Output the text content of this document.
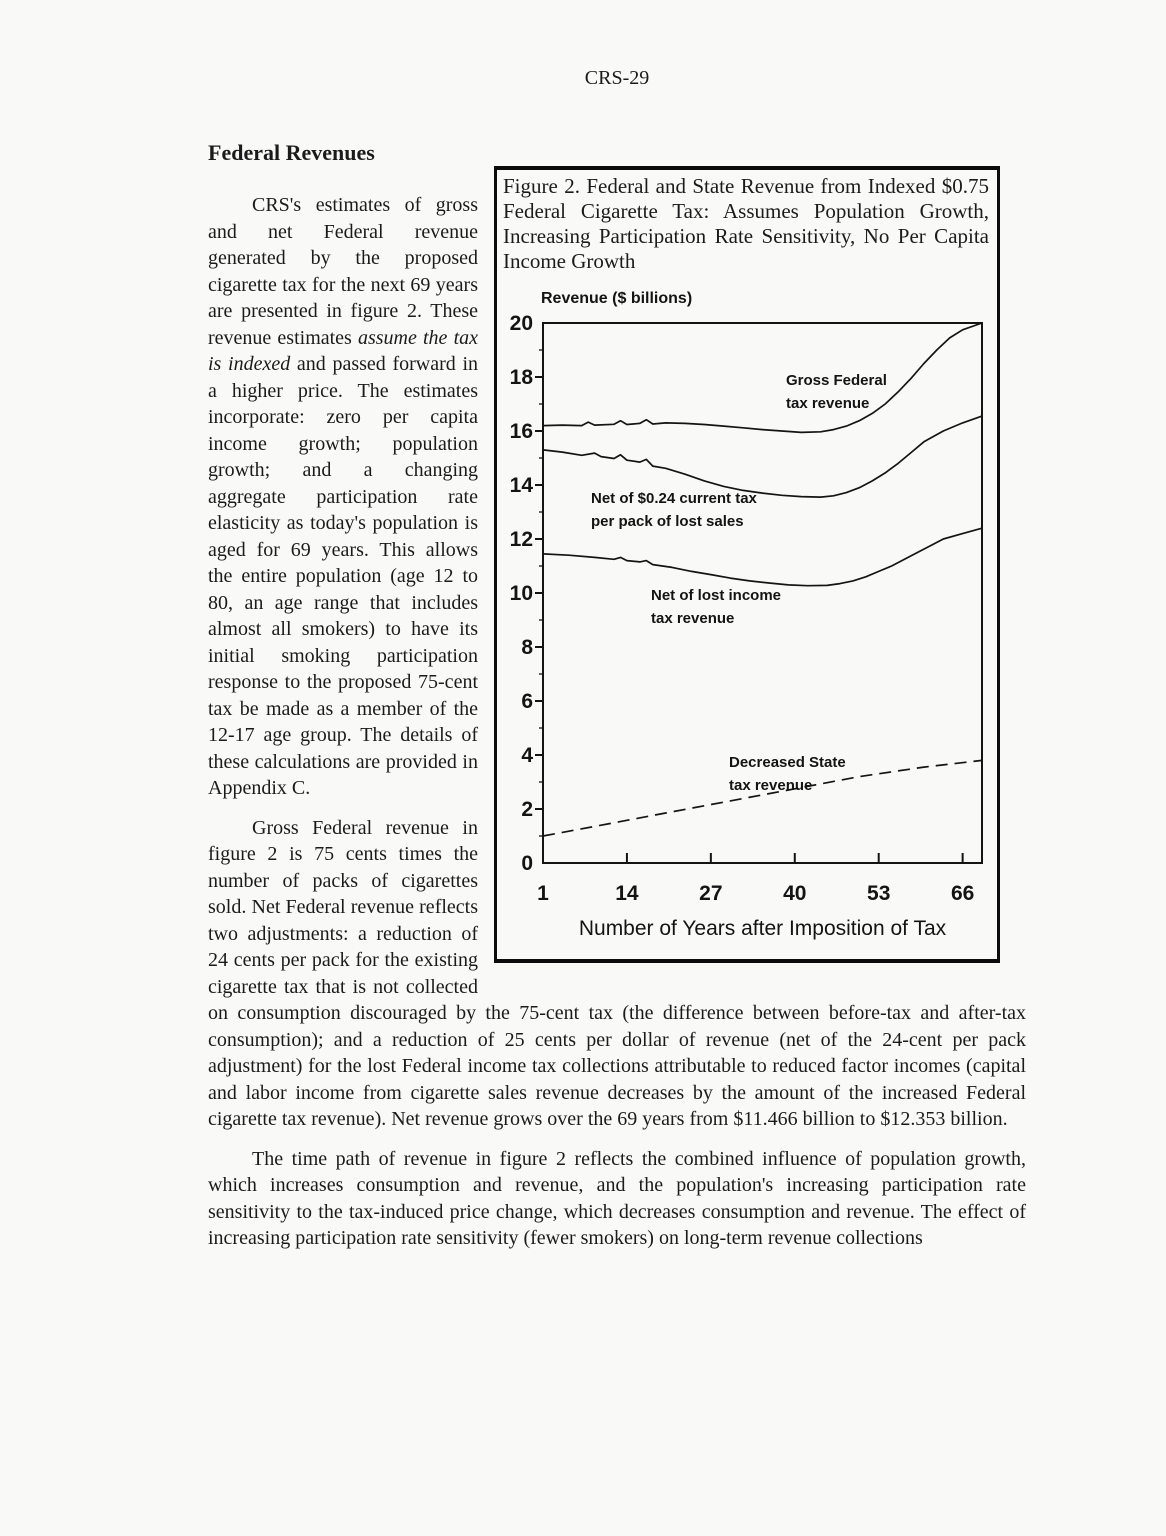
CRS-29
Federal Revenues
Figure 2. Federal and State Revenue from Indexed $0.75 Federal Cigarette Tax: Assumes Population Growth, Increasing Participation Rate Sensitivity, No Per Capita Income Growth
Revenue ($ billions)
0
2
4
6
8
10
12
14
16
18
20
1	14	27	40	53	66
Number of Years after Imposition of Tax
Gross Federal
tax revenue
Net of $0.24 current tax
per pack of lost sales
Net of lost income
tax revenue
Decreased State
tax revenue

CRS's estimates of gross and net Federal revenue generated by the proposed cigarette tax for the next 69 years are presented in figure 2. These revenue estimates assume the tax is indexed and passed forward in a higher price. The estimates incorporate: zero per capita income growth; population growth; and a changing aggregate participation rate elasticity as today's population is aged for 69 years. This allows the entire population (age 12 to 80, an age range that includes almost all smokers) to have its initial smoking participation response to the proposed 75-cent tax be made as a member of the 12-17 age group. The details of these calculations are provided in Appendix C.

Gross Federal revenue in figure 2 is 75 cents times the number of packs of cigarettes sold. Net Federal revenue reflects two adjustments: a reduction of 24 cents per pack for the existing cigarette tax that is not collected on consumption discouraged by the 75-cent tax (the difference between before-tax and after-tax consumption); and a reduction of 25 cents per dollar of revenue (net of the 24-cent per pack adjustment) for the lost Federal income tax collections attributable to reduced factor incomes (capital and labor income from cigarette sales revenue decreases by the amount of the increased Federal cigarette tax revenue). Net revenue grows over the 69 years from $11.466 billion to $12.353 billion.

The time path of revenue in figure 2 reflects the combined influence of population growth, which increases consumption and revenue, and the population's increasing participation rate sensitivity to the tax-induced price change, which decreases consumption and revenue. The effect of increasing participation rate sensitivity (fewer smokers) on long-term revenue collections
